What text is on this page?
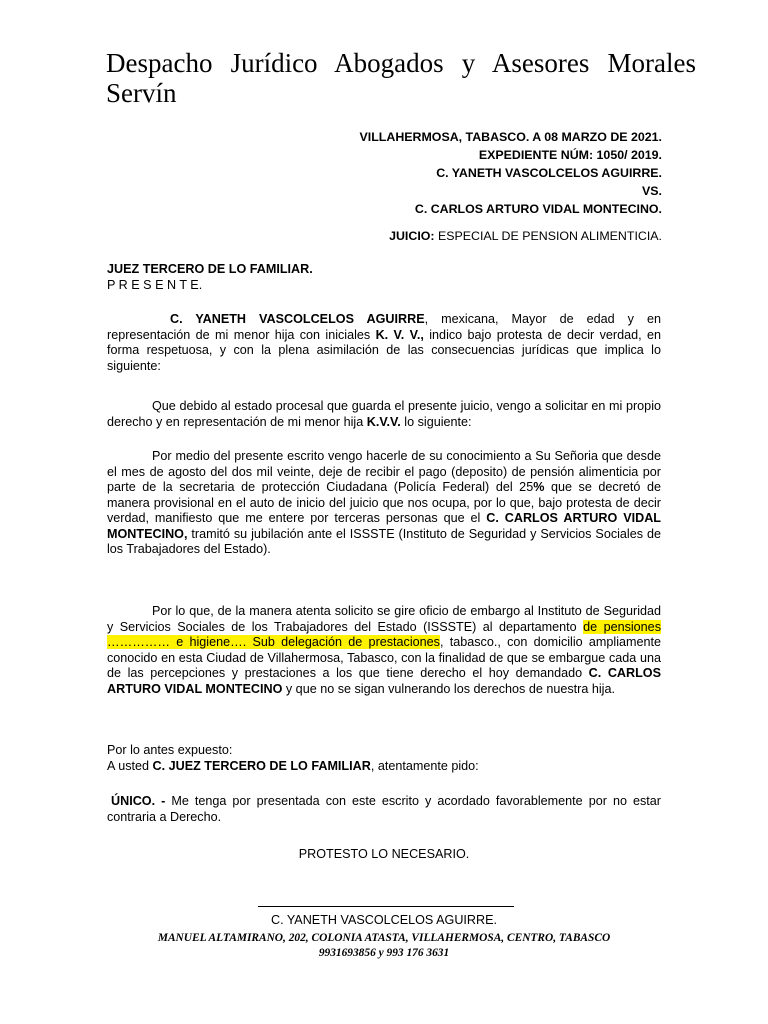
Despacho Jurídico Abogados y Asesores Morales Servín
VILLAHERMOSA, TABASCO. A 08 MARZO DE 2021.
EXPEDIENTE NÚM: 1050/ 2019.
C. YANETH VASCOLCELOS AGUIRRE.
VS.
C. CARLOS ARTURO VIDAL MONTECINO.
JUICIO: ESPECIAL DE PENSION ALIMENTICIA.
JUEZ TERCERO DE LO FAMILIAR.
P R E S E N T E.

C. YANETH VASCOLCELOS AGUIRRE, mexicana, Mayor de edad y en representación de mi menor hija con iniciales K. V. V., indico bajo protesta de decir verdad, en forma respetuosa, y con la plena asimilación de las consecuencias jurídicas que implica lo siguiente:

Que debido al estado procesal que guarda el presente juicio, vengo a solicitar en mi propio derecho y en representación de mi menor hija K.V.V. lo siguiente:

Por medio del presente escrito vengo hacerle de su conocimiento a Su Señoria que desde el mes de agosto del dos mil veinte, deje de recibir el pago (deposito) de pensión alimenticia por parte de la secretaria de protección Ciudadana (Policía Federal) del 25% que se decretó de manera provisional en el auto de inicio del juicio que nos ocupa, por lo que, bajo protesta de decir verdad, manifiesto que me entere por terceras personas que el C. CARLOS ARTURO VIDAL MONTECINO, tramitó su jubilación ante el ISSSTE (Instituto de Seguridad y Servicios Sociales de los Trabajadores del Estado).

Por lo que, de la manera atenta solicito se gire oficio de embargo al Instituto de Seguridad y Servicios Sociales de los Trabajadores del Estado (ISSSTE) al departamento de pensiones …………… e higiene…. Sub delegación de prestaciones, tabasco., con domicilio ampliamente conocido en esta Ciudad de Villahermosa, Tabasco, con la finalidad de que se embargue cada una de las percepciones y prestaciones a los que tiene derecho el hoy demandado C. CARLOS ARTURO VIDAL MONTECINO y que no se sigan vulnerando los derechos de nuestra hija.

Por lo antes expuesto:
A usted C. JUEZ TERCERO DE LO FAMILIAR, atentamente pido:

ÚNICO. - Me tenga por presentada con este escrito y acordado favorablemente por no estar contraria a Derecho.

PROTESTO LO NECESARIO.
C. YANETH VASCOLCELOS AGUIRRE.
MANUEL ALTAMIRANO, 202, COLONIA ATASTA, VILLAHERMOSA, CENTRO, TABASCO
9931693856 y 993 176 3631
